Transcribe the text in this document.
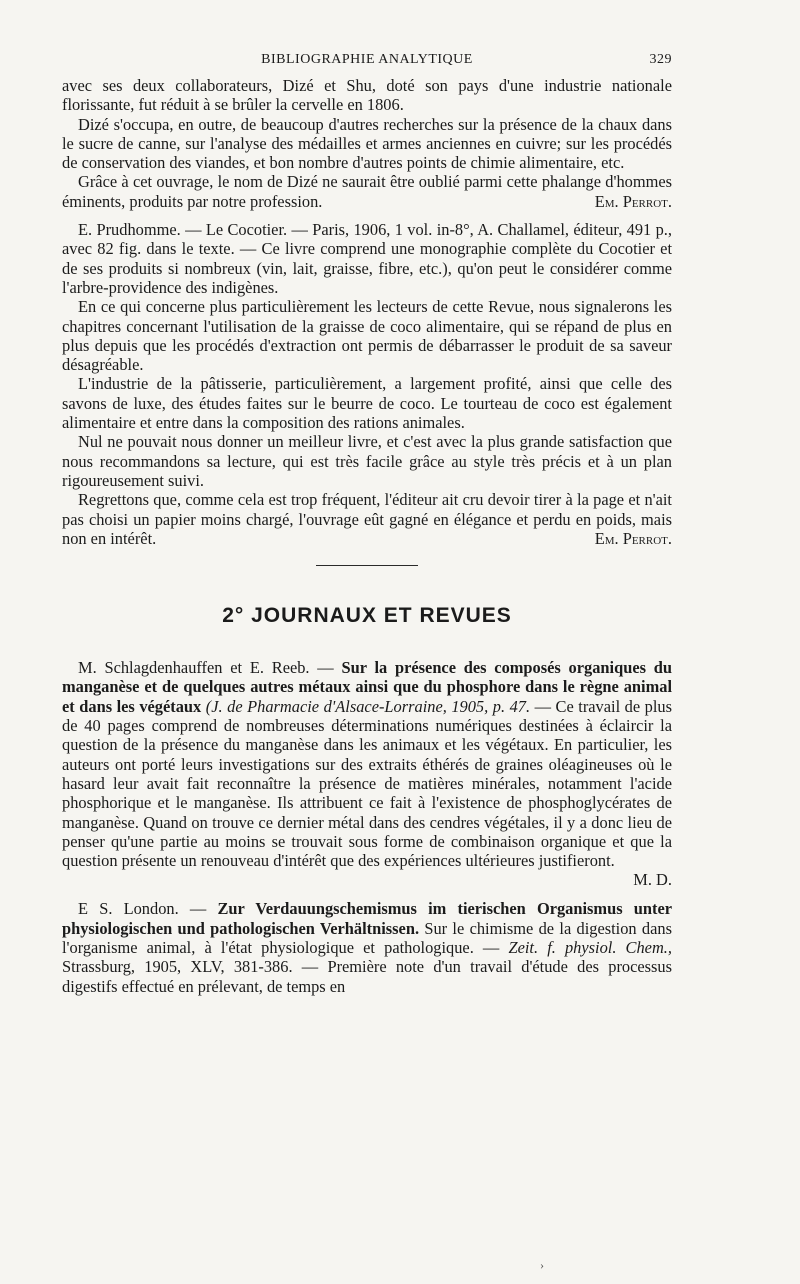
BIBLIOGRAPHIE ANALYTIQUE	329

avec ses deux collaborateurs, Dizé et Shu, doté son pays d'une industrie nationale florissante, fut réduit à se brûler la cervelle en 1806.

Dizé s'occupa, en outre, de beaucoup d'autres recherches sur la présence de la chaux dans le sucre de canne, sur l'analyse des médailles et armes anciennes en cuivre; sur les procédés de conservation des viandes, et bon nombre d'autres points de chimie alimentaire, etc.

Grâce à cet ouvrage, le nom de Dizé ne saurait être oublié parmi cette phalange d'hommes éminents, produits par notre profession.	Em. Perrot.

E. Prudhomme. — Le Cocotier. — Paris, 1906, 1 vol. in-8°, A. Challamel, éditeur, 491 p., avec 82 fig. dans le texte. — Ce livre comprend une monographie complète du Cocotier et de ses produits si nombreux (vin, lait, graisse, fibre, etc.), qu'on peut le considérer comme l'arbre-providence des indigènes.

En ce qui concerne plus particulièrement les lecteurs de cette Revue, nous signalerons les chapitres concernant l'utilisation de la graisse de coco alimentaire, qui se répand de plus en plus depuis que les procédés d'extraction ont permis de débarrasser le produit de sa saveur désagréable.

L'industrie de la pâtisserie, particulièrement, a largement profité, ainsi que celle des savons de luxe, des études faites sur le beurre de coco. Le tourteau de coco est également alimentaire et entre dans la composition des rations animales.

Nul ne pouvait nous donner un meilleur livre, et c'est avec la plus grande satisfaction que nous recommandons sa lecture, qui est très facile grâce au style très précis et à un plan rigoureusement suivi.

Regrettons que, comme cela est trop fréquent, l'éditeur ait cru devoir tirer à la page et n'ait pas choisi un papier moins chargé, l'ouvrage eût gagné en élégance et perdu en poids, mais non en intérêt.	Em. Perrot.

2° JOURNAUX ET REVUES

M. Schlagdenhauffen et E. Reeb. — Sur la présence des composés organiques du manganèse et de quelques autres métaux ainsi que du phosphore dans le règne animal et dans les végétaux (J. de Pharmacie d'Alsace-Lorraine, 1905, p. 47. — Ce travail de plus de 40 pages comprend de nombreuses déterminations numériques destinées à éclaircir la question de la présence du manganèse dans les animaux et les végétaux. En particulier, les auteurs ont porté leurs investigations sur des extraits éthérés de graines oléagineuses où le hasard leur avait fait reconnaître la présence de matières minérales, notamment l'acide phosphorique et le manganèse. Ils attribuent ce fait à l'existence de phosphoglycérates de manganèse. Quand on trouve ce dernier métal dans des cendres végétales, il y a donc lieu de penser qu'une partie au moins se trouvait sous forme de combinaison organique et que la question présente un renouveau d'intérêt que des expériences ultérieures justifieront.

M. D.

E S. London. — Zur Verdauungschemismus im tierischen Organismus unter physiologischen und pathologischen Verhältnissen. Sur le chimisme de la digestion dans l'organisme animal, à l'état physiologique et pathologique. — Zeit. f. physiol. Chem., Strassburg, 1905, XLV, 381-386. — Première note d'un travail d'étude des processus digestifs effectué en prélevant, de temps en

›
